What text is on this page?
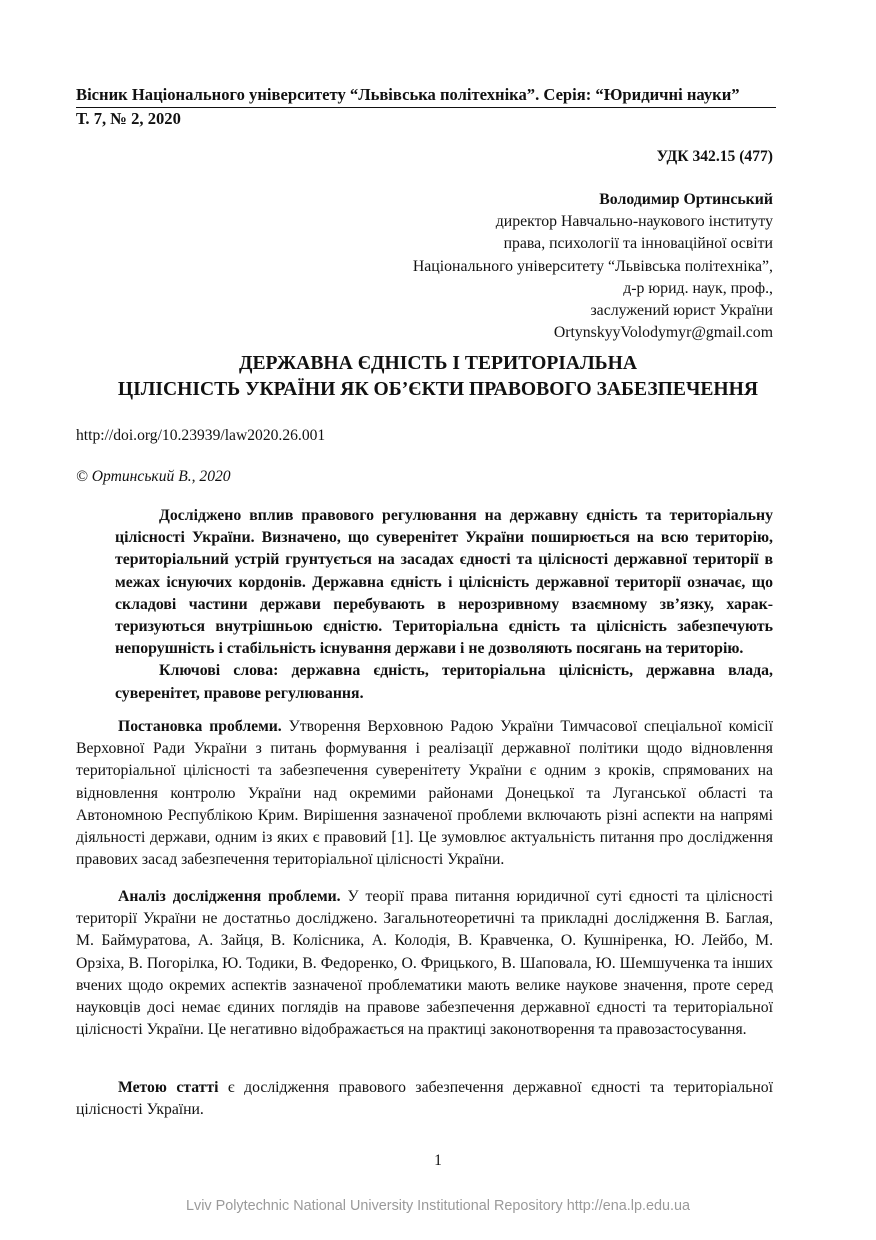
Вісник Національного університету “Львівська політехніка”. Серія: “Юридичні науки”
Т. 7, № 2, 2020
УДК 342.15 (477)
Володимир Ортинський
директор Навчально-наукового інституту
права, психології та інноваційної освіти
Національного університету “Львівська політехніка”,
д-р юрид. наук, проф.,
заслужений юрист України
OrtynskyyVolodymyr@gmail.com
ДЕРЖАВНА ЄДНІСТЬ І ТЕРИТОРІАЛЬНА
ЦІЛІСНІСТЬ УКРАЇНИ ЯК ОБ’ЄКТИ ПРАВОВОГО ЗАБЕЗПЕЧЕННЯ
http://doi.org/10.23939/law2020.26.001
© Ортинський В., 2020

Досліджено вплив правового регулювання на державну єдність та територіальну цілісності України. Визначено, що суверенітет України поширюється на всю територію, територіальний устрій грунтується на засадах єдності та цілісності державної території в межах існуючих кордонів. Державна єдність і цілісність державної території означає, що складові частини держави перебувають в нерозривному взаємному зв’язку, характеризуються внутрішньою єдністю. Територіальна єдність та цілісність забезпечують непорушність і стабільність існування держави і не дозволяють посягань на територію.

Ключові слова: державна єдність, територіальна цілісність, державна влада, суверенітет, правове регулювання.

Постановка проблеми. Утворення Верховною Радою України Тимчасової спеціальної комісії Верховної Ради України з питань формування і реалізації державної політики щодо відновлення територіальної цілісності та забезпечення суверенітету України є одним з кроків, спрямованих на відновлення контролю України над окремими районами Донецької та Луганської області та Автономною Республікою Крим. Вирішення зазначеної проблеми включають різні аспекти на напрямі діяльності держави, одним із яких є правовий [1]. Це зумовлює актуальність питання про дослідження правових засад забезпечення територіальної цілісності України.

Аналіз дослідження проблеми. У теорії права питання юридичної суті єдності та цілісності території України не достатньо досліджено. Загальнотеоретичні та прикладні дослідження В. Баглая, М. Баймуратова, А. Зайця, В. Колісника, А. Колодія, В. Кравченка, О. Кушніренка, Ю. Лейбо, М. Орзіха, В. Погорілка, Ю. Тодики, В. Федоренко, О. Фрицького, В. Шаповала, Ю. Шемшученка та інших вчених щодо окремих аспектів зазначеної проблематики мають велике наукове значення, проте серед науковців досі немає єдиних поглядів на правове забезпечення державної єдності та територіальної цілісності України. Це негативно відображається на практиці законотворення та правозастосування.

Метою статті є дослідження правового забезпечення державної єдності та територіальної цілісності України.

1
Lviv Polytechnic National University Institutional Repository http://ena.lp.edu.ua
